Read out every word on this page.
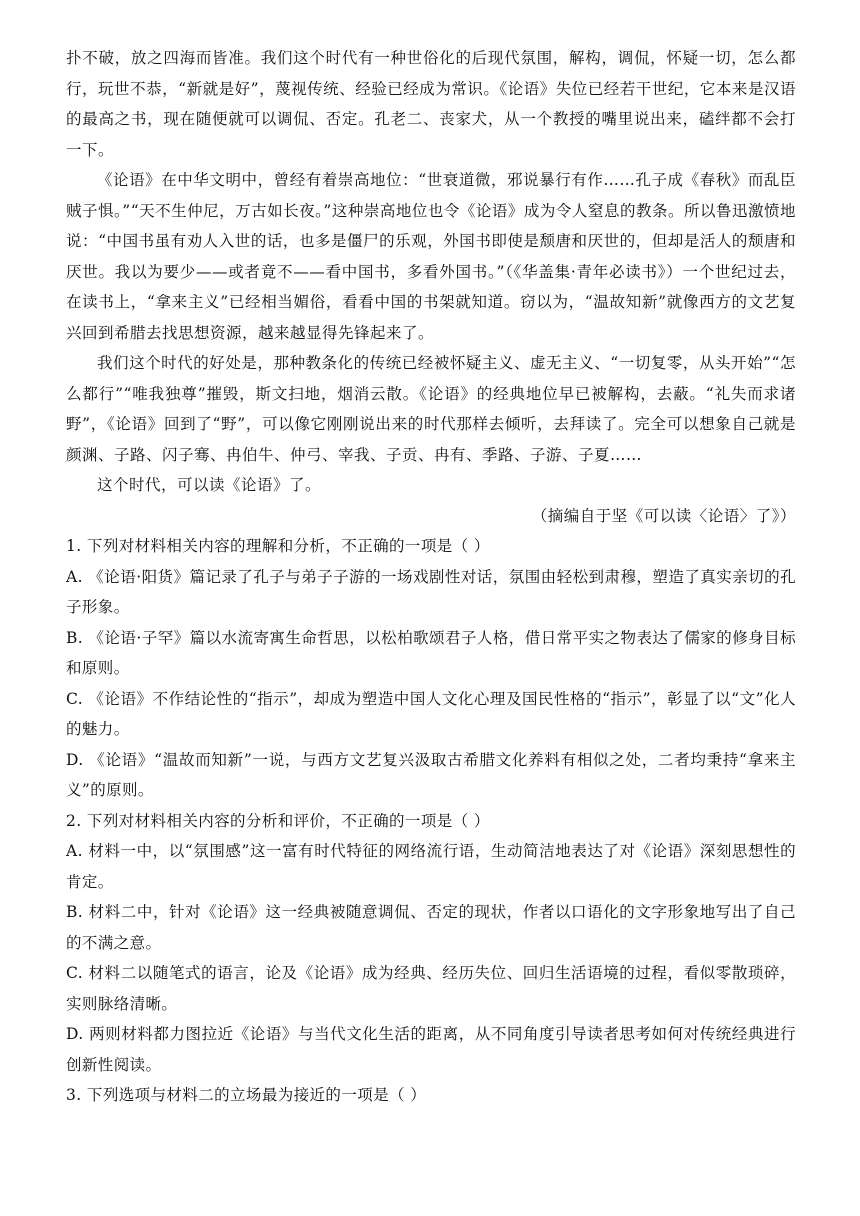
扑不破，放之四海而皆准。我们这个时代有一种世俗化的后现代氛围，解构，调侃，怀疑一切，怎么都行，玩世不恭，“新就是好”，蔑视传统、经验已经成为常识。《论语》失位已经若干世纪，它本来是汉语的最高之书，现在随便就可以调侃、否定。孔老二、丧家犬，从一个教授的嘴里说出来，磕绊都不会打一下。

《论语》在中华文明中，曾经有着崇高地位：“世衰道微，邪说暴行有作……孔子成《春秋》而乱臣贼子惧。”“天不生仲尼，万古如长夜。”这种崇高地位也令《论语》成为令人窒息的教条。所以鲁迅激愤地说：“中国书虽有劝人入世的话，也多是僵尸的乐观，外国书即使是颓唐和厌世的，但却是活人的颓唐和厌世。我以为要少——或者竟不——看中国书，多看外国书。”（《华盖集·青年必读书》）一个世纪过去，在读书上，“拿来主义”已经相当媚俗，看看中国的书架就知道。窃以为，“温故知新”就像西方的文艺复兴回到希腊去找思想资源，越来越显得先锋起来了。

我们这个时代的好处是，那种教条化的传统已经被怀疑主义、虚无主义、“一切复零，从头开始”“怎么都行”“唯我独尊”摧毁，斯文扫地，烟消云散。《论语》的经典地位早已被解构，去蔽。“礼失而求诸野”，《论语》回到了“野”，可以像它刚刚说出来的时代那样去倾听，去拜读了。完全可以想象自己就是颜渊、子路、闪子骞、冉伯牛、仲弓、宰我、子贡、冉有、季路、子游、子夏……

这个时代，可以读《论语》了。

（摘编自于坚《可以读〈论语〉了》）

1. 下列对材料相关内容的理解和分析，不正确的一项是（ ）

A. 《论语·阳货》篇记录了孔子与弟子子游的一场戏剧性对话，氛围由轻松到肃穆，塑造了真实亲切的孔子形象。

B. 《论语·子罕》篇以水流寄寓生命哲思，以松柏歌颂君子人格，借日常平实之物表达了儒家的修身目标和原则。

C. 《论语》不作结论性的“指示”，却成为塑造中国人文化心理及国民性格的“指示”，彰显了以“文”化人的魅力。

D. 《论语》“温故而知新”一说，与西方文艺复兴汲取古希腊文化养料有相似之处，二者均秉持“拿来主义”的原则。

2. 下列对材料相关内容的分析和评价，不正确的一项是（ ）

A. 材料一中，以“氛围感”这一富有时代特征的网络流行语，生动简洁地表达了对《论语》深刻思想性的肯定。

B. 材料二中，针对《论语》这一经典被随意调侃、否定的现状，作者以口语化的文字形象地写出了自己的不满之意。

C. 材料二以随笔式的语言，论及《论语》成为经典、经历失位、回归生活语境的过程，看似零散琐碎，实则脉络清晰。

D. 两则材料都力图拉近《论语》与当代文化生活的距离，从不同角度引导读者思考如何对传统经典进行创新性阅读。

3. 下列选项与材料二的立场最为接近的一项是（ ）
